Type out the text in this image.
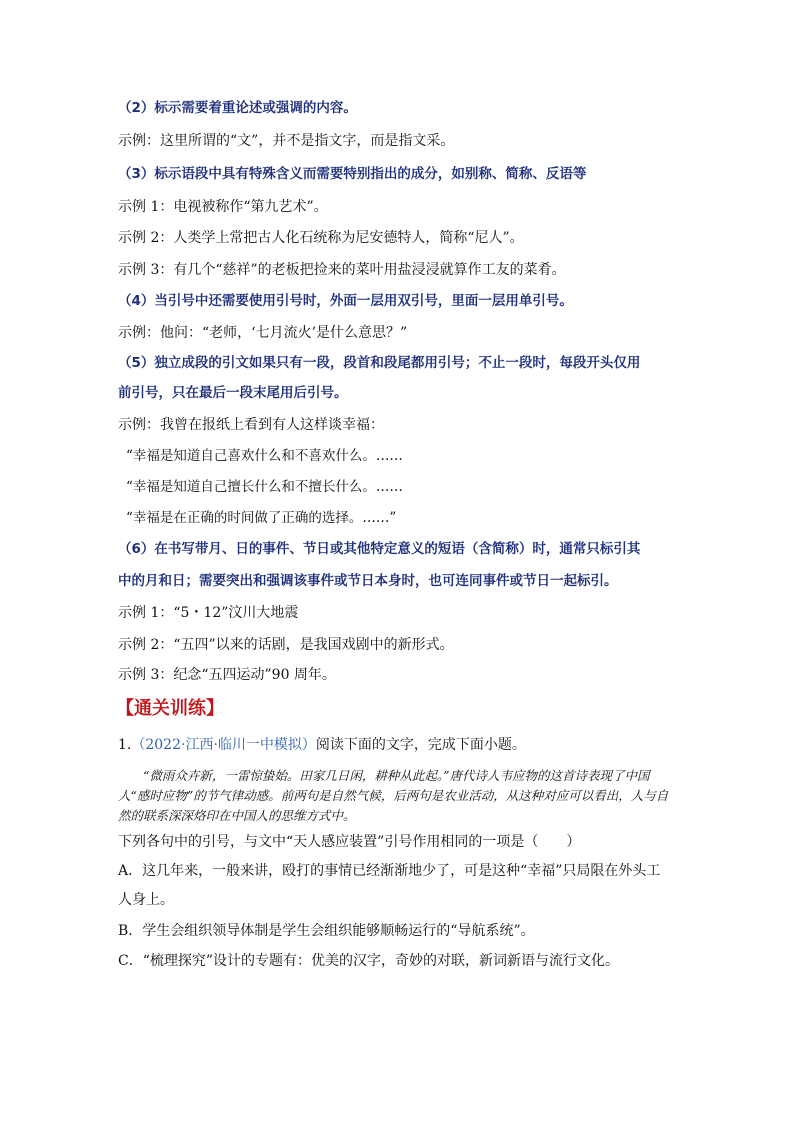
（2）标示需要着重论述或强调的内容。

示例：这里所谓的“文”，并不是指文字，而是指文采。

（3）标示语段中具有特殊含义而需要特别指出的成分，如别称、简称、反语等

示例 1：电视被称作“第九艺术”。

示例 2：人类学上常把古人化石统称为尼安德特人，简称“尼人”。

示例 3：有几个“慈祥”的老板把捡来的菜叶用盐浸浸就算作工友的菜肴。

（4）当引号中还需要使用引号时，外面一层用双引号，里面一层用单引号。

示例：他问：“老师，‘七月流火’是什么意思？”

（5）独立成段的引文如果只有一段，段首和段尾都用引号；不止一段时，每段开头仅用

前引号，只在最后一段末尾用后引号。

示例：我曾在报纸上看到有人这样谈幸福：

“幸福是知道自己喜欢什么和不喜欢什么。……

“幸福是知道自己擅长什么和不擅长什么。……

“幸福是在正确的时间做了正确的选择。……”

（6）在书写带月、日的事件、节日或其他特定意义的短语（含简称）时，通常只标引其

中的月和日；需要突出和强调该事件或节日本身时，也可连同事件或节日一起标引。

示例 1：“5・12”汶川大地震

示例 2：“五四”以来的话剧，是我国戏剧中的新形式。

示例 3：纪念“五四运动”90 周年。

【通关训练】

1.（2022·江西·临川一中模拟）阅读下面的文字，完成下面小题。

“微雨众卉新，一雷惊蛰始。田家几日闲，耕种从此起。”唐代诗人韦应物的这首诗表现了中国人“感时应物”的节气律动感。前两句是自然气候，后两句是农业活动，从这种对应可以看出，人与自然的联系深深烙印在中国人的思维方式中。

下列各句中的引号，与文中“天人感应装置”引号作用相同的一项是（　　）

A．这几年来，一般来讲，殴打的事情已经渐渐地少了，可是这种“幸福”只局限在外头工

人身上。

B．学生会组织领导体制是学生会组织能够顺畅运行的“导航系统”。

C．“梳理探究”设计的专题有：优美的汉字，奇妙的对联，新词新语与流行文化。
